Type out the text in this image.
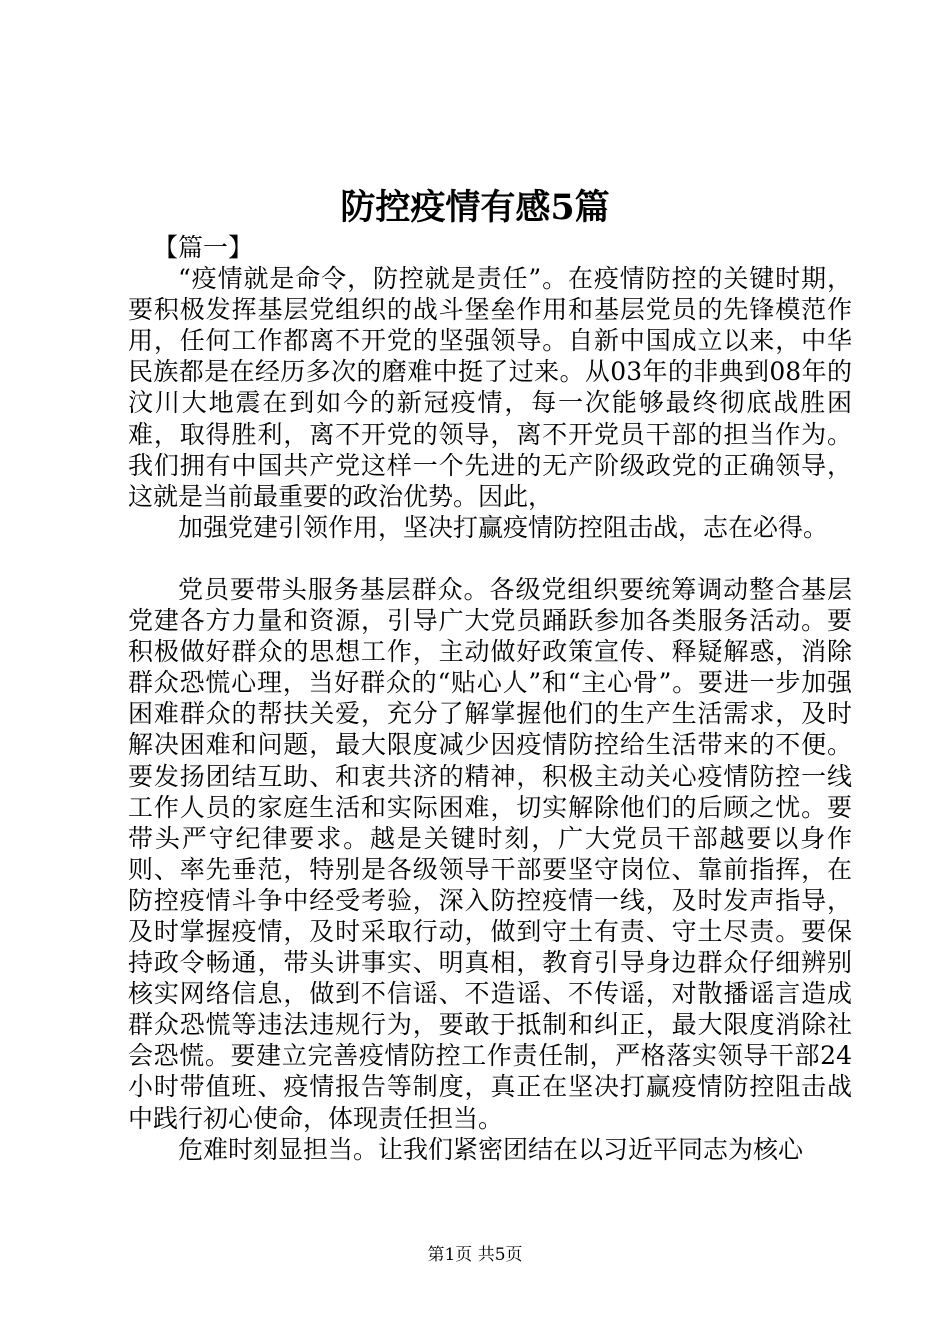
防控疫情有感5篇

【篇一】

“疫情就是命令，防控就是责任”。在疫情防控的关键时期，要积极发挥基层党组织的战斗堡垒作用和基层党员的先锋模范作用，任何工作都离不开党的坚强领导。自新中国成立以来，中华民族都是在经历多次的磨难中挺了过来。从03年的非典到08年的汶川大地震在到如今的新冠疫情，每一次能够最终彻底战胜困难，取得胜利，离不开党的领导，离不开党员干部的担当作为。我们拥有中国共产党这样一个先进的无产阶级政党的正确领导，这就是当前最重要的政治优势。因此，

加强党建引领作用，坚决打赢疫情防控阻击战，志在必得。

党员要带头服务基层群众。各级党组织要统筹调动整合基层党建各方力量和资源，引导广大党员踊跃参加各类服务活动。要积极做好群众的思想工作，主动做好政策宣传、释疑解惑，消除群众恐慌心理，当好群众的“贴心人”和“主心骨”。要进一步加强困难群众的帮扶关爱，充分了解掌握他们的生产生活需求，及时解决困难和问题，最大限度减少因疫情防控给生活带来的不便。要发扬团结互助、和衷共济的精神，积极主动关心疫情防控一线工作人员的家庭生活和实际困难，切实解除他们的后顾之忧。要带头严守纪律要求。越是关键时刻，广大党员干部越要以身作则、率先垂范，特别是各级领导干部要坚守岗位、靠前指挥，在防控疫情斗争中经受考验，深入防控疫情一线，及时发声指导，及时掌握疫情，及时采取行动，做到守土有责、守土尽责。要保持政令畅通，带头讲事实、明真相，教育引导身边群众仔细辨别核实网络信息，做到不信谣、不造谣、不传谣，对散播谣言造成群众恐慌等违法违规行为，要敢于抵制和纠正，最大限度消除社会恐慌。要建立完善疫情防控工作责任制，严格落实领导干部24小时带值班、疫情报告等制度，真正在坚决打赢疫情防控阻击战中践行初心使命，体现责任担当。

危难时刻显担当。让我们紧密团结在以习近平同志为核心

第1页 共5页
